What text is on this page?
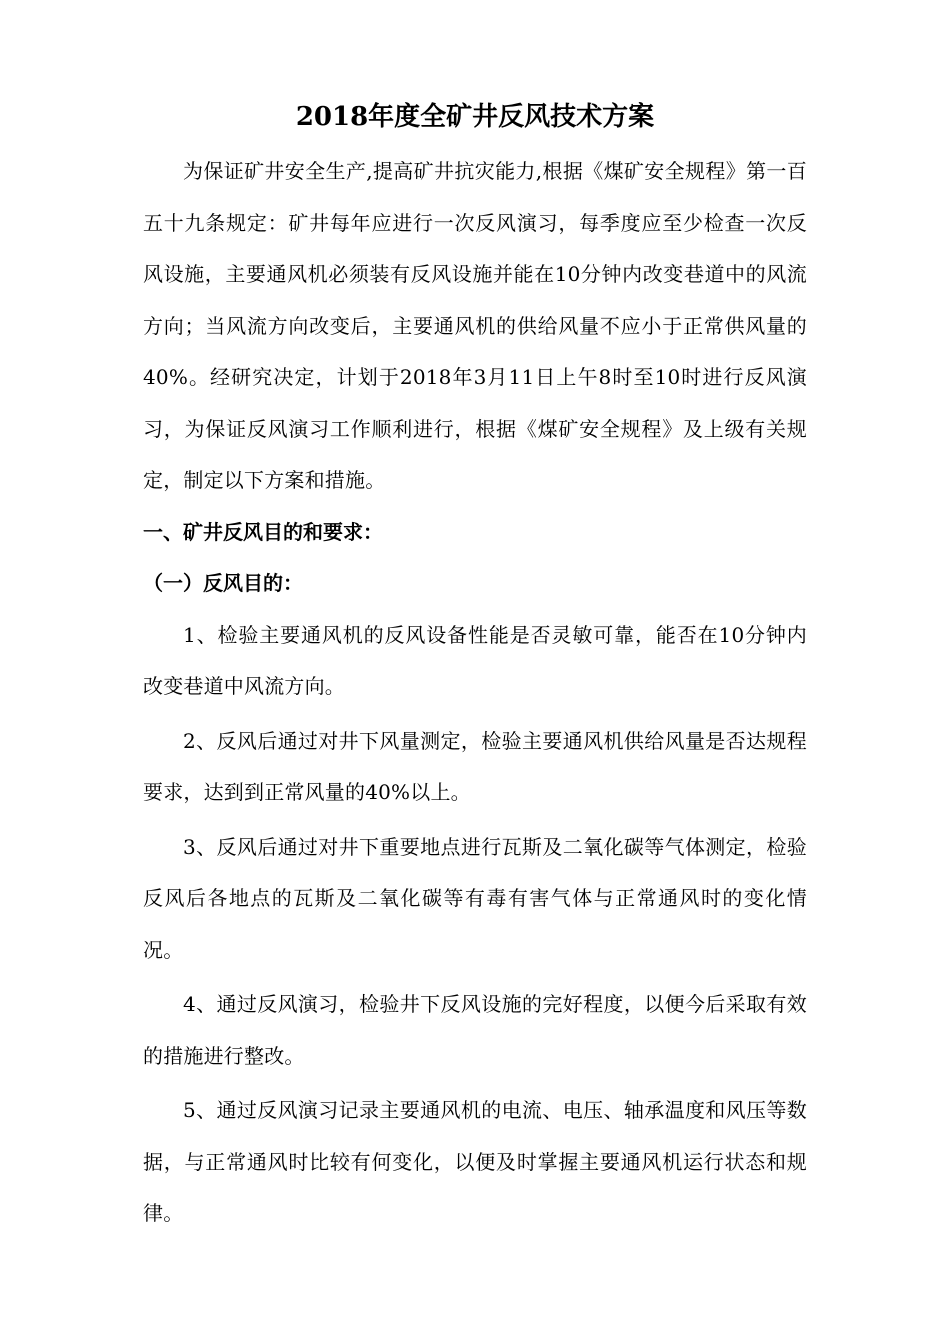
2018年度全矿井反风技术方案

为保证矿井安全生产,提高矿井抗灾能力,根据《煤矿安全规程》第一百五十九条规定：矿井每年应进行一次反风演习，每季度应至少检查一次反风设施，主要通风机必须装有反风设施并能在10分钟内改变巷道中的风流方向；当风流方向改变后，主要通风机的供给风量不应小于正常供风量的40%。经研究决定，计划于2018年3月11日上午8时至10时进行反风演习，为保证反风演习工作顺利进行，根据《煤矿安全规程》及上级有关规定，制定以下方案和措施。

一、矿井反风目的和要求：
（一）反风目的：

1、检验主要通风机的反风设备性能是否灵敏可靠，能否在10分钟内改变巷道中风流方向。

2、反风后通过对井下风量测定，检验主要通风机供给风量是否达规程要求，达到到正常风量的40%以上。

3、反风后通过对井下重要地点进行瓦斯及二氧化碳等气体测定，检验反风后各地点的瓦斯及二氧化碳等有毒有害气体与正常通风时的变化情况。

4、通过反风演习，检验井下反风设施的完好程度，以便今后采取有效的措施进行整改。

5、通过反风演习记录主要通风机的电流、电压、轴承温度和风压等数据，与正常通风时比较有何变化，以便及时掌握主要通风机运行状态和规律。
